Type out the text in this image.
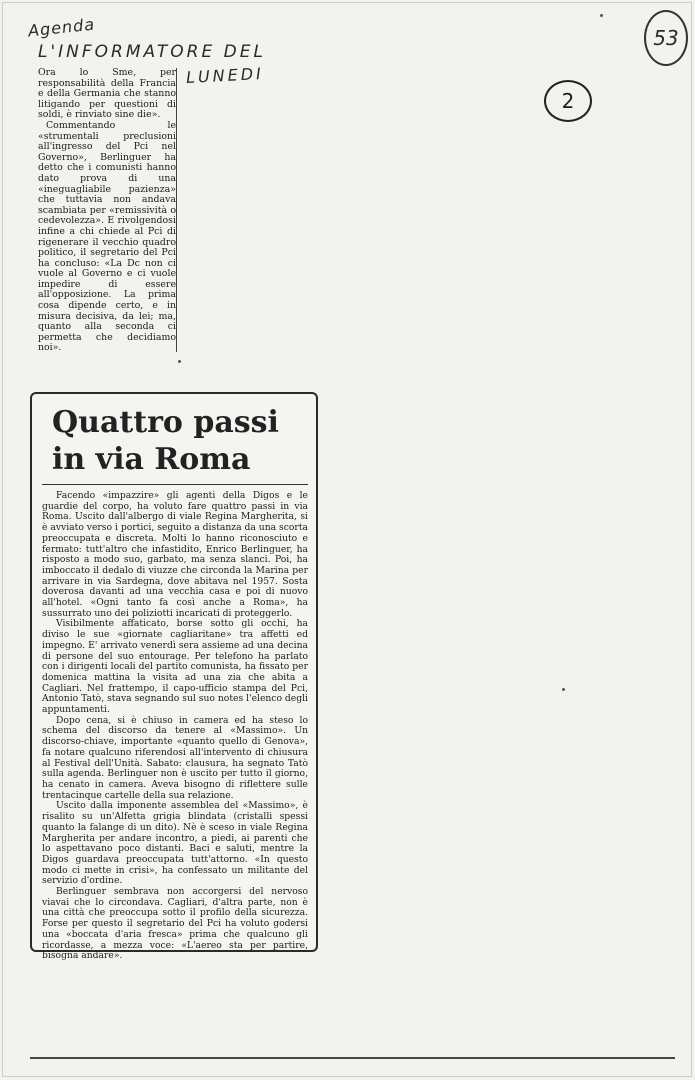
Agenda
L'INFORMATORE DEL
LUNEDI
53
2

Ora lo Sme, per responsabilità della Francia e della Germania che stanno litigando per questioni di soldi, è rinviato sine die».

Commentando le «strumentali preclusioni all'ingresso del Pci nel Governo», Berlinguer ha detto che i comunisti hanno dato prova di una «ineguagliabile pazienza» che tuttavia non andava scambiata per «remissività o cedevolezza». E rivolgendosi infine a chi chiede al Pci di rigenerare il vecchio quadro politico, il segretario del Pci ha concluso: «La Dc non ci vuole al Governo e ci vuole impedire di essere all'opposizione. La prima cosa dipende certo, e in misura decisiva, da lei; ma, quanto alla seconda ci permetta che decidiamo noi».

Quattro passi
in via Roma

Facendo «impazzire» gli agenti della Digos e le guardie del corpo, ha voluto fare quattro passi in via Roma. Uscito dall'albergo di viale Regina Margherita, si è avviato verso i portici, seguito a distanza da una scorta preoccupata e discreta. Molti lo hanno riconosciuto e fermato: tutt'altro che infastidito, Enrico Berlinguer, ha risposto a modo suo, garbato, ma senza slanci. Poi, ha imboccato il dedalo di viuzze che circonda la Marina per arrivare in via Sardegna, dove abitava nel 1957. Sosta doverosa davanti ad una vecchia casa e poi di nuovo all'hotel. «Ogni tanto fa così anche a Roma», ha sussurrato uno dei poliziotti incaricati di proteggerlo.

Visibilmente affaticato, borse sotto gli occhi, ha diviso le sue «giornate cagliaritane» tra affetti ed impegno. E' arrivato venerdì sera assieme ad una decina di persone del suo entourage. Per telefono ha parlato con i dirigenti locali del partito comunista, ha fissato per domenica mattina la visita ad una zia che abita a Cagliari. Nel frattempo, il capo-ufficio stampa del Pci, Antonio Tatò, stava segnando sul suo notes l'elenco degli appuntamenti.

Dopo cena, si è chiuso in camera ed ha steso lo schema del discorso da tenere al «Massimo». Un discorso-chiave, importante «quanto quello di Genova», fa notare qualcuno riferendosi all'intervento di chiusura al Festival dell'Unità. Sabato: clausura, ha segnato Tatò sulla agenda. Berlinguer non è uscito per tutto il giorno, ha cenato in camera. Aveva bisogno di riflettere sulle trentacinque cartelle della sua relazione.

Uscito dalla imponente assemblea del «Massimo», è risalito su un'Alfetta grigia blindata (cristalli spessi quanto la falange di un dito). Nè è sceso in viale Regina Margherita per andare incontro, a piedi, ai parenti che lo aspettavano poco distanti. Baci e saluti, mentre la Digos guardava preoccupata tutt'attorno. «In questo modo ci mette in crisi», ha confessato un militante del servizio d'ordine.

Berlinguer sembrava non accorgersi del nervoso viavai che lo circondava. Cagliari, d'altra parte, non è una città che preoccupa sotto il profilo della sicurezza. Forse per questo il segretario del Pci ha voluto godersi una «boccata d'aria fresca» prima che qualcuno gli ricordasse, a mezza voce: «L'aereo sta per partire, bisogna andare».
